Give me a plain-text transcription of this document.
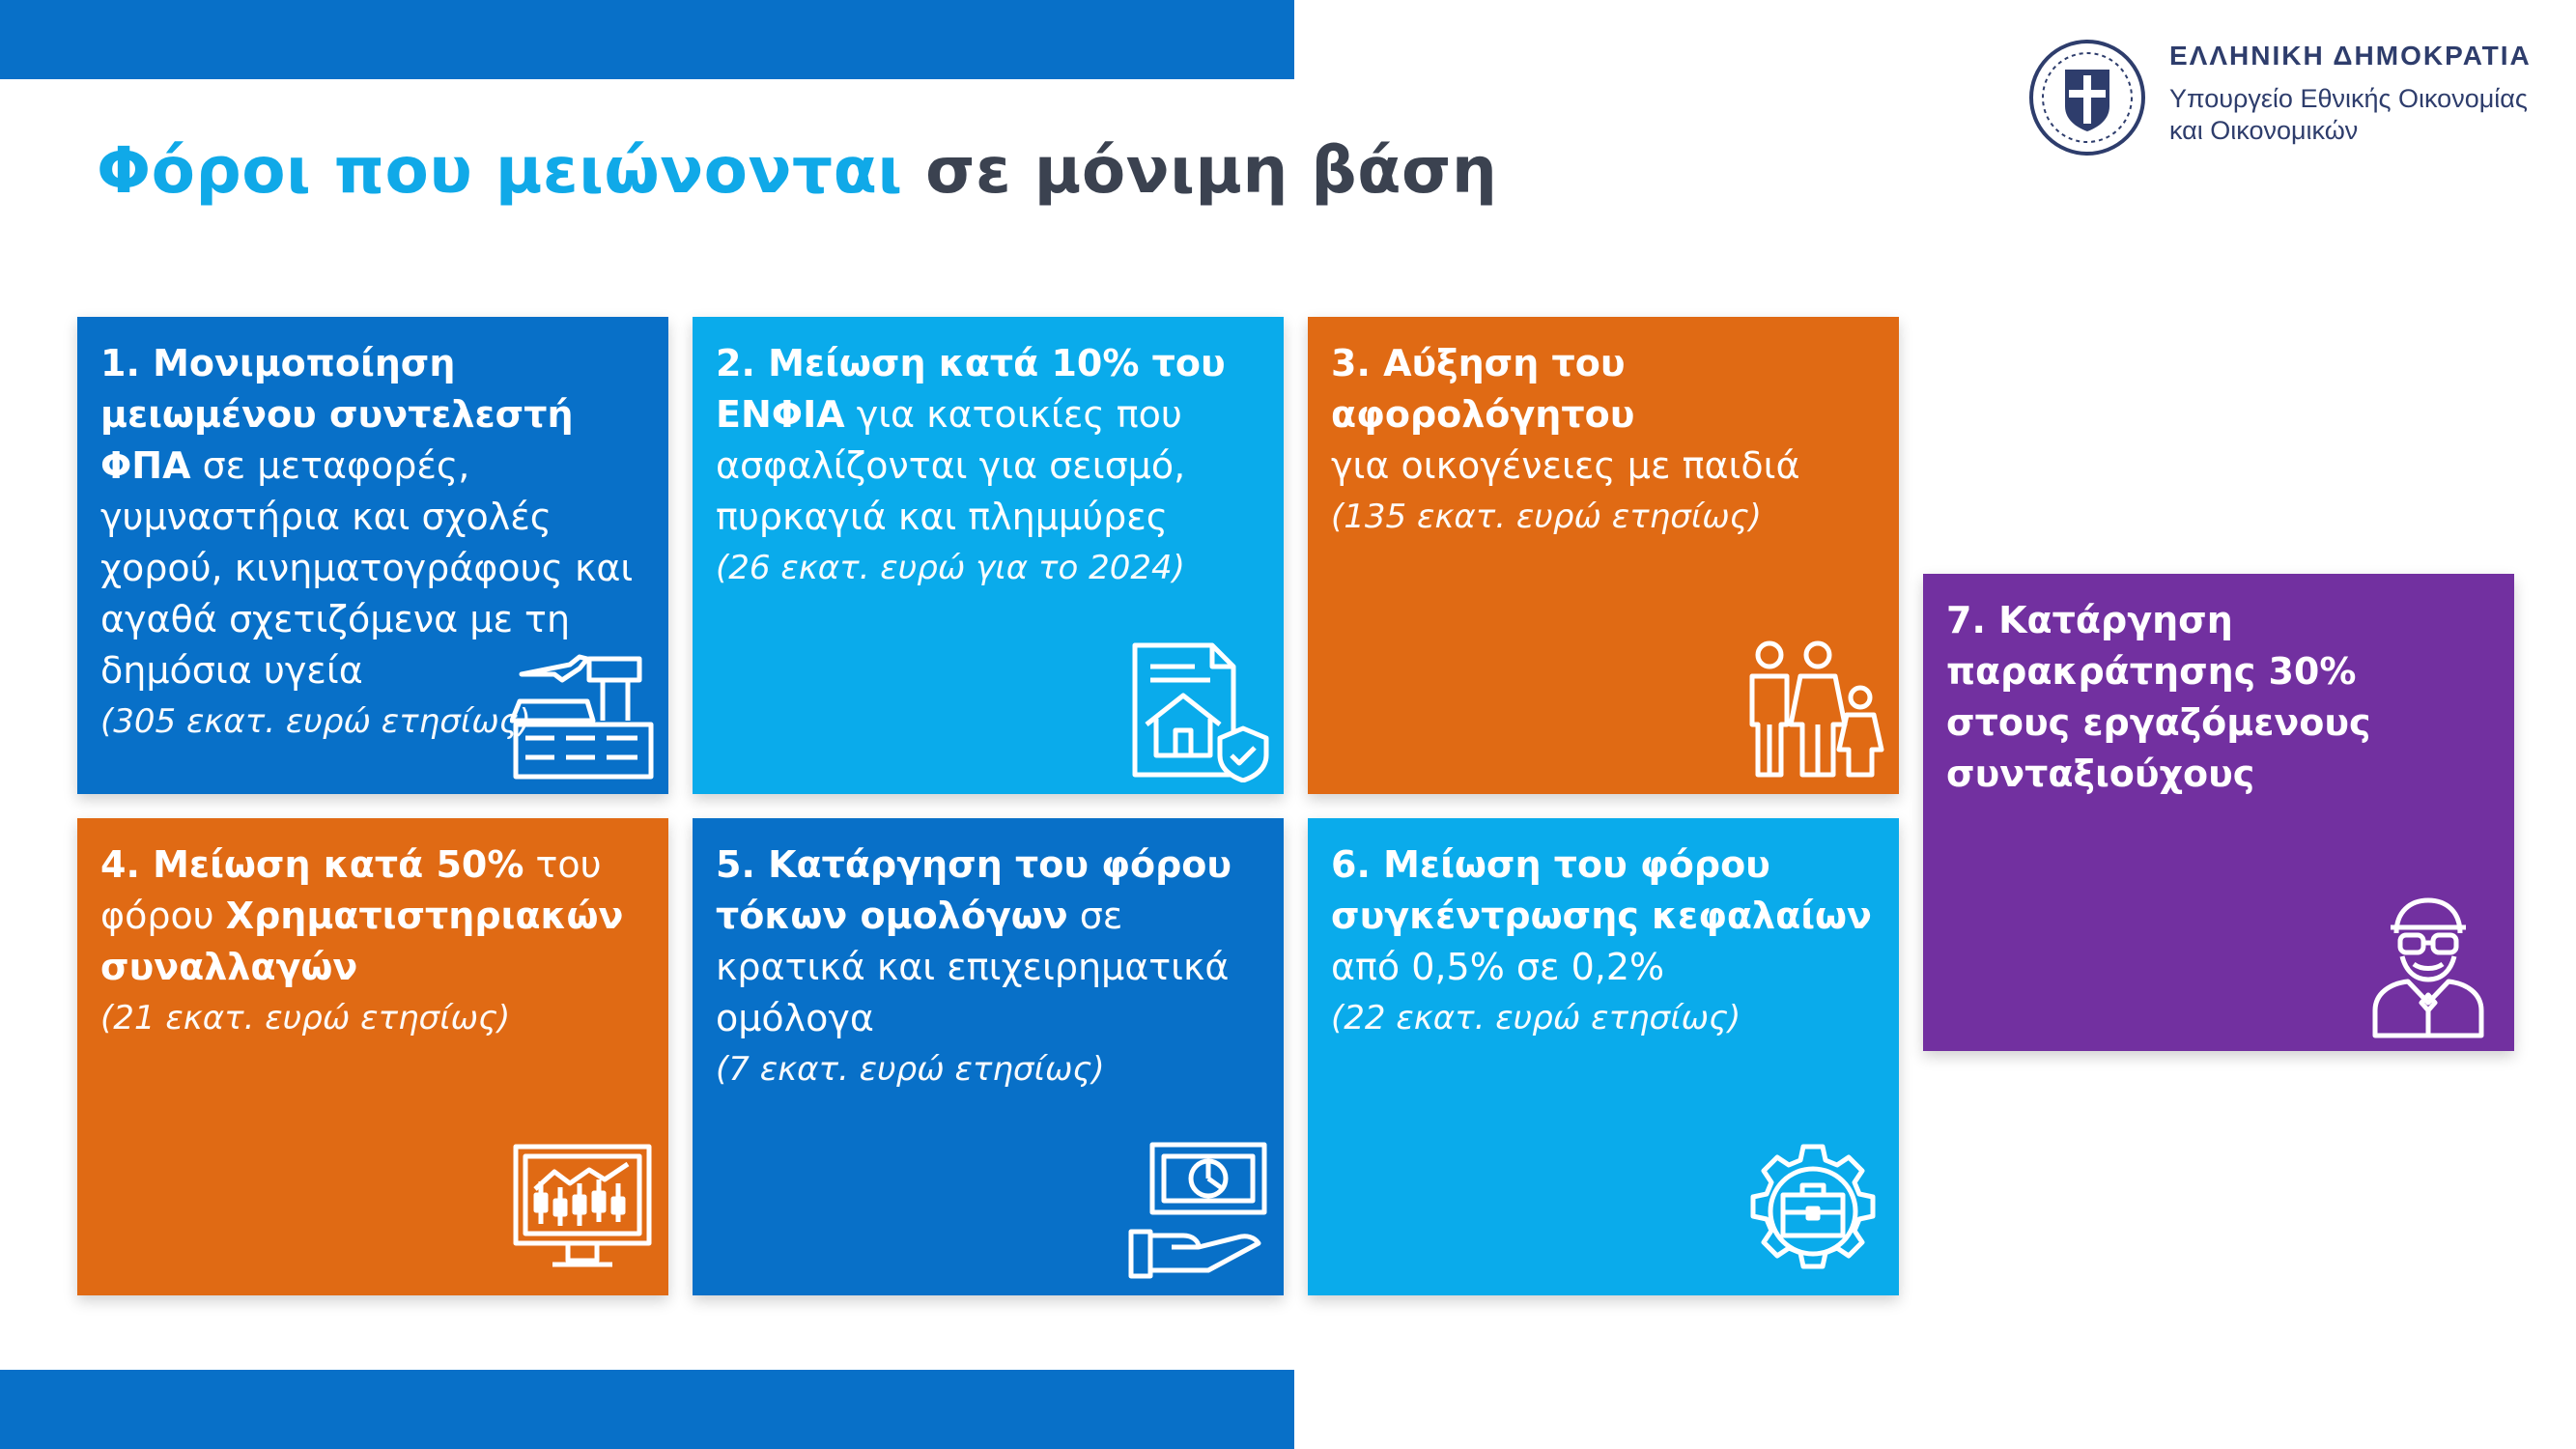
Φόροι που μειώνονται σε μόνιμη βάση
ΕΛΛΗΝΙΚΗ ΔΗΜΟΚΡΑΤΙΑ
Υπουργείο Εθνικής Οικονομίας
και Οικονομικών

1. Μονιμοποίηση μειωμένου συντελεστή ΦΠΑ σε μεταφορές, γυμναστήρια και σχολές χορού, κινηματογράφους και αγαθά σχετιζόμενα με τη δημόσια υγεία

(305 εκατ. ευρώ ετησίως)

2. Μείωση κατά 10% του ΕΝΦΙΑ για κατοικίες που ασφαλίζονται για σεισμό, πυρκαγιά και πλημμύρες

(26 εκατ. ευρώ για το 2024)
3. Αύξηση του αφορολόγητου
για οικογένειες με παιδιά
(135 εκατ. ευρώ ετησίως)

4. Μείωση κατά 50% του φόρου Χρηματιστηριακών συναλλαγών

(21 εκατ. ευρώ ετησίως)

5. Κατάργηση του φόρου τόκων ομολόγων σε κρατικά και επιχειρηματικά ομόλογα

(7 εκατ. ευρώ ετησίως)
6. Μείωση του φόρου συγκέντρωσης κεφαλαίων
από 0,5% σε 0,2%
(22 εκατ. ευρώ ετησίως)
7. Κατάργηση παρακράτησης 30% στους εργαζόμενους συνταξιούχους
